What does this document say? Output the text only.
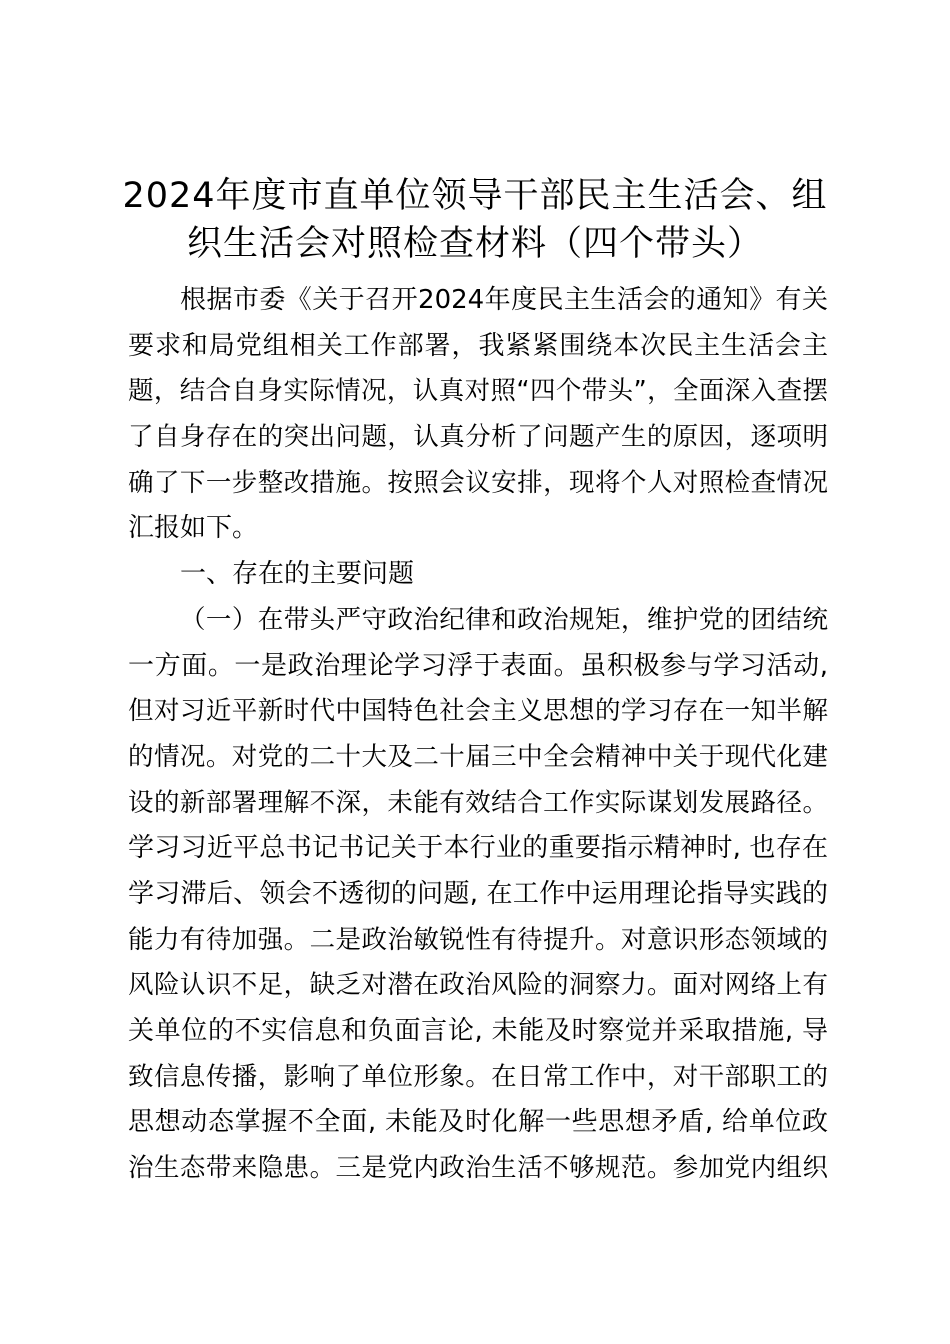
2024年度市直单位领导干部民主生活会、组
织生活会对照检查材料（四个带头）
根据市委《关于召开2024年度民主生活会的通知》有关
要求和局党组相关工作部署，我紧紧围绕本次民主生活会主
题，结合自身实际情况，认真对照“四个带头”，全面深入查摆
了自身存在的突出问题，认真分析了问题产生的原因，逐项明
确了下一步整改措施。按照会议安排，现将个人对照检查情况
汇报如下。
一、存在的主要问题
（一）在带头严守政治纪律和政治规矩，维护党的团结统
一方面。一是政治理论学习浮于表面。虽积极参与学习活动,
但对习近平新时代中国特色社会主义思想的学习存在一知半解
的情况。对党的二十大及二十届三中全会精神中关于现代化建
设的新部署理解不深，未能有效结合工作实际谋划发展路径。
学习习近平总书记书记关于本行业的重要指示精神时, 也存在
学习滞后、领会不透彻的问题, 在工作中运用理论指导实践的
能力有待加强。二是政治敏锐性有待提升。对意识形态领域的
风险认识不足，缺乏对潜在政治风险的洞察力。面对网络上有
关单位的不实信息和负面言论, 未能及时察觉并采取措施, 导
致信息传播，影响了单位形象。在日常工作中，对干部职工的
思想动态掌握不全面, 未能及时化解一些思想矛盾, 给单位政
治生态带来隐患。三是党内政治生活不够规范。参加党内组织
